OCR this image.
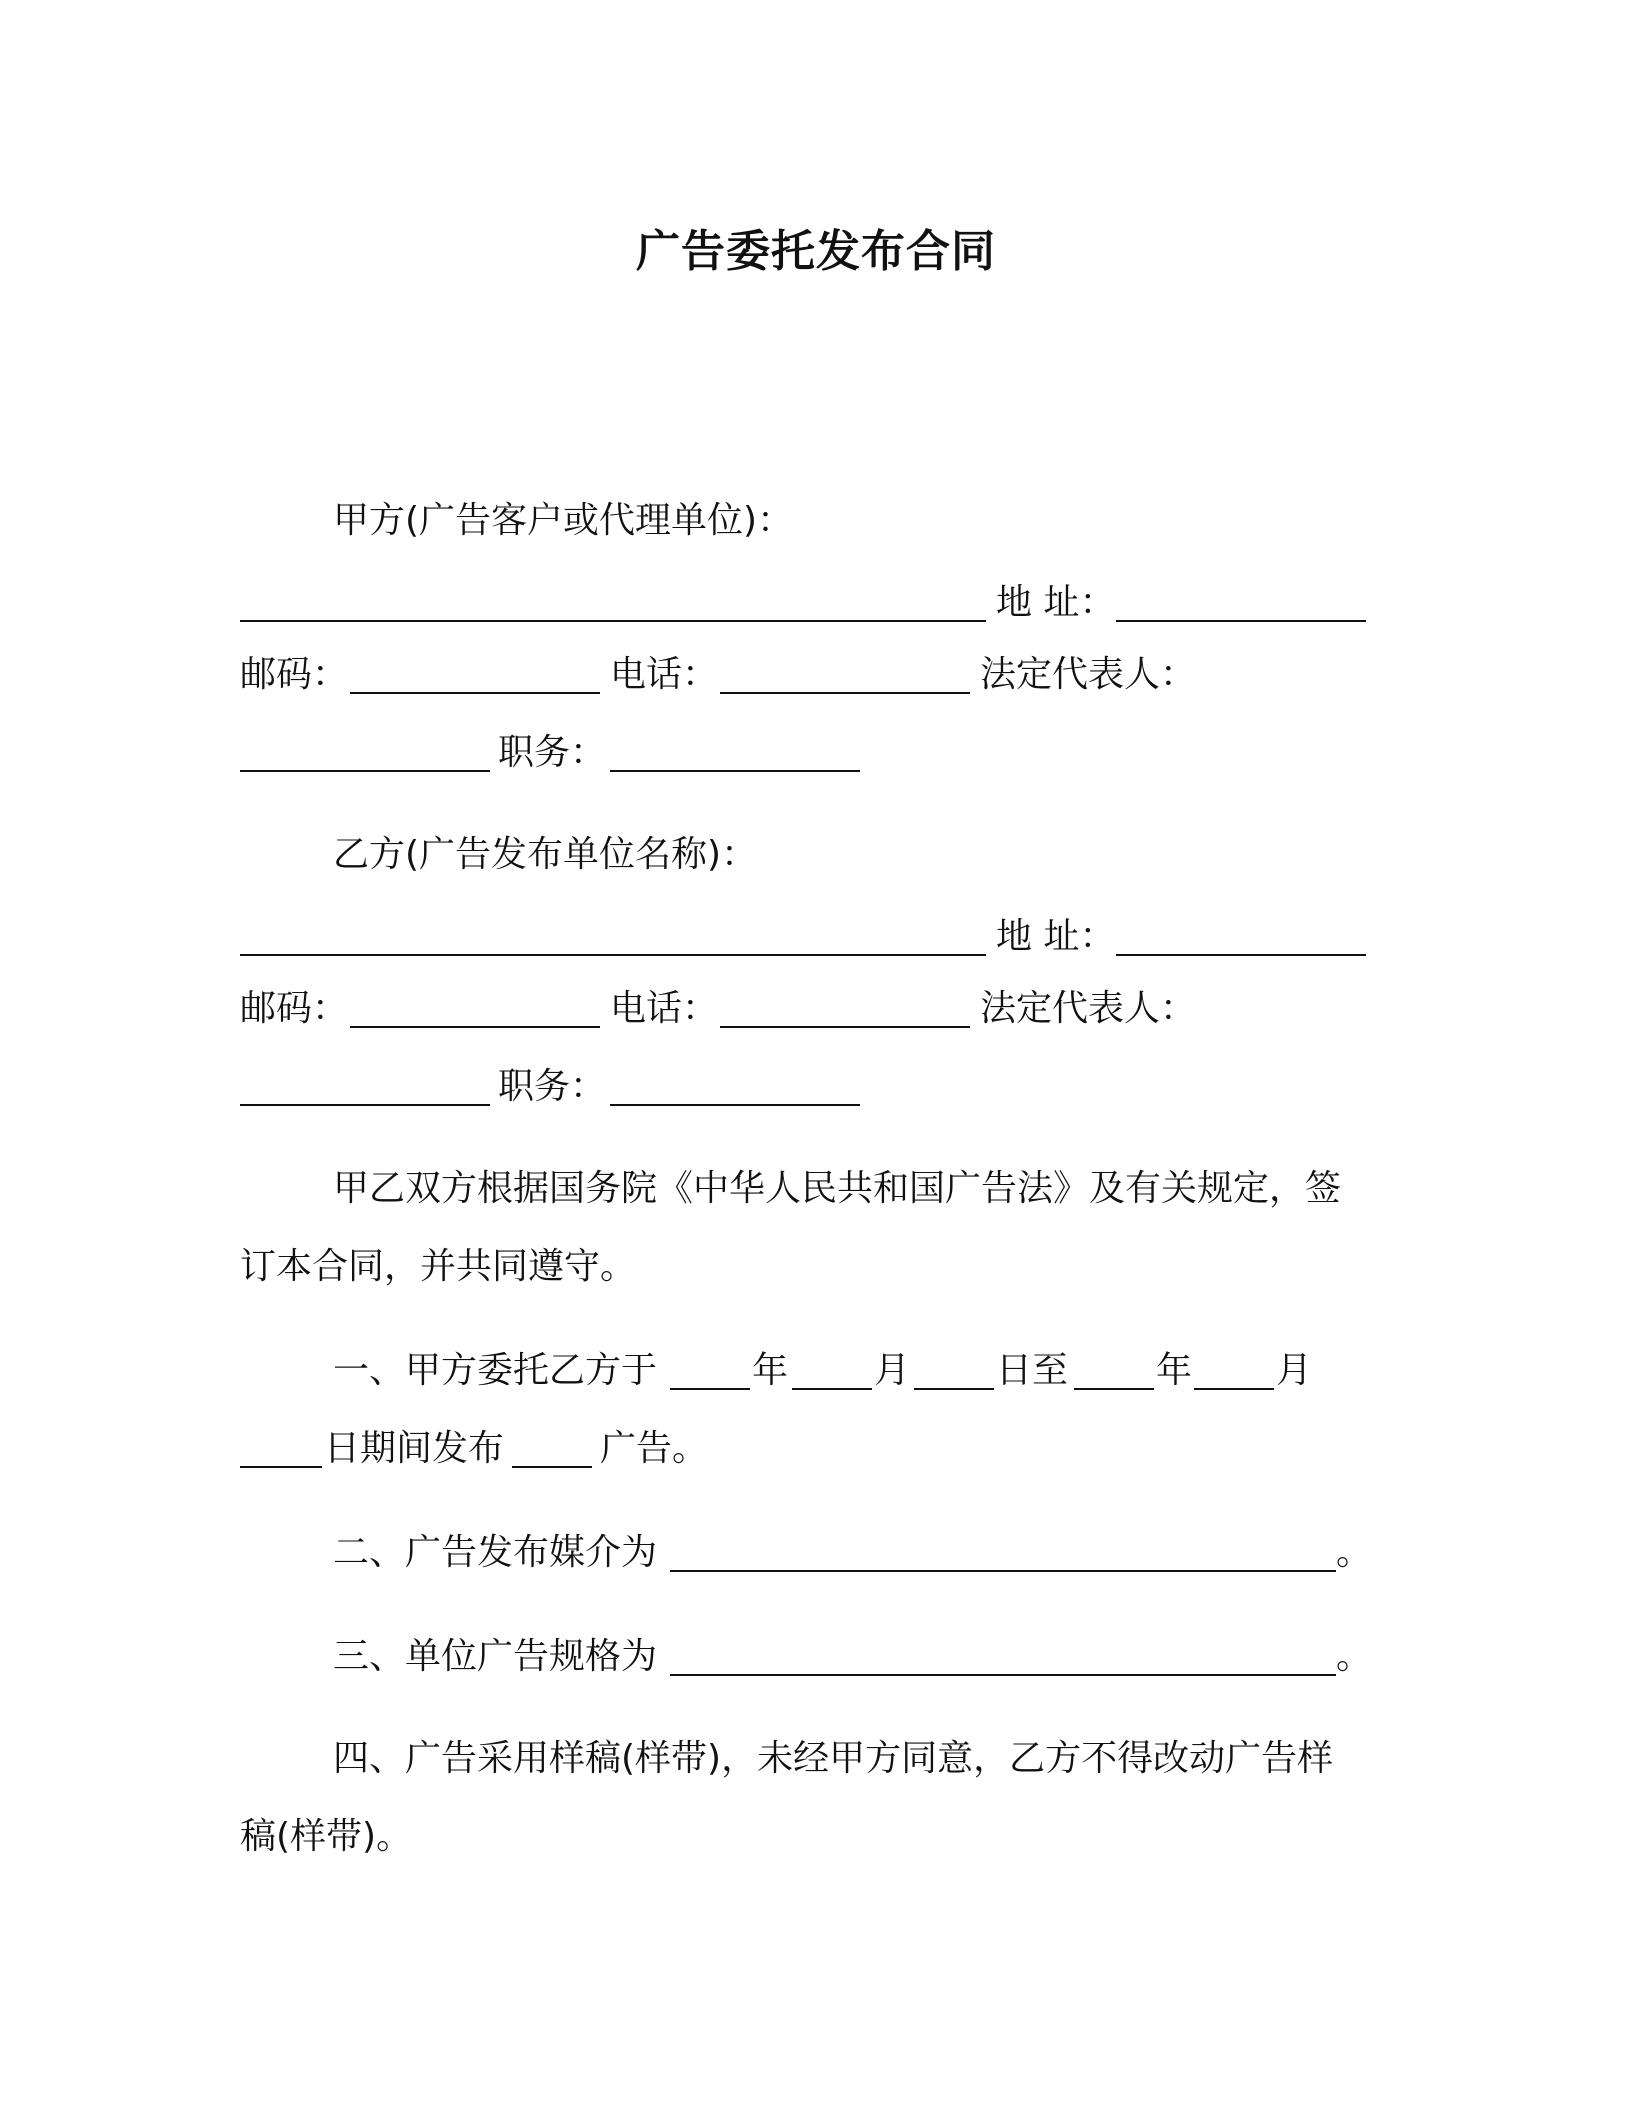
广告委托发布合同
甲方(广告客户或代理单位)：
地 址：
邮码：	电话：	法定代表人：
职务：
乙方(广告发布单位名称)：
地 址：
邮码：	电话：	法定代表人：
职务：
甲乙双方根据国务院《中华人民共和国广告法》及有关规定，签
订本合同，并共同遵守。
一、甲方委托乙方于	年 月 日至 年 月
日期间发布	广告。
二、广告发布媒介为	。
三、单位广告规格为	。
四、广告采用样稿(样带)，未经甲方同意，乙方不得改动广告样
稿(样带)。
